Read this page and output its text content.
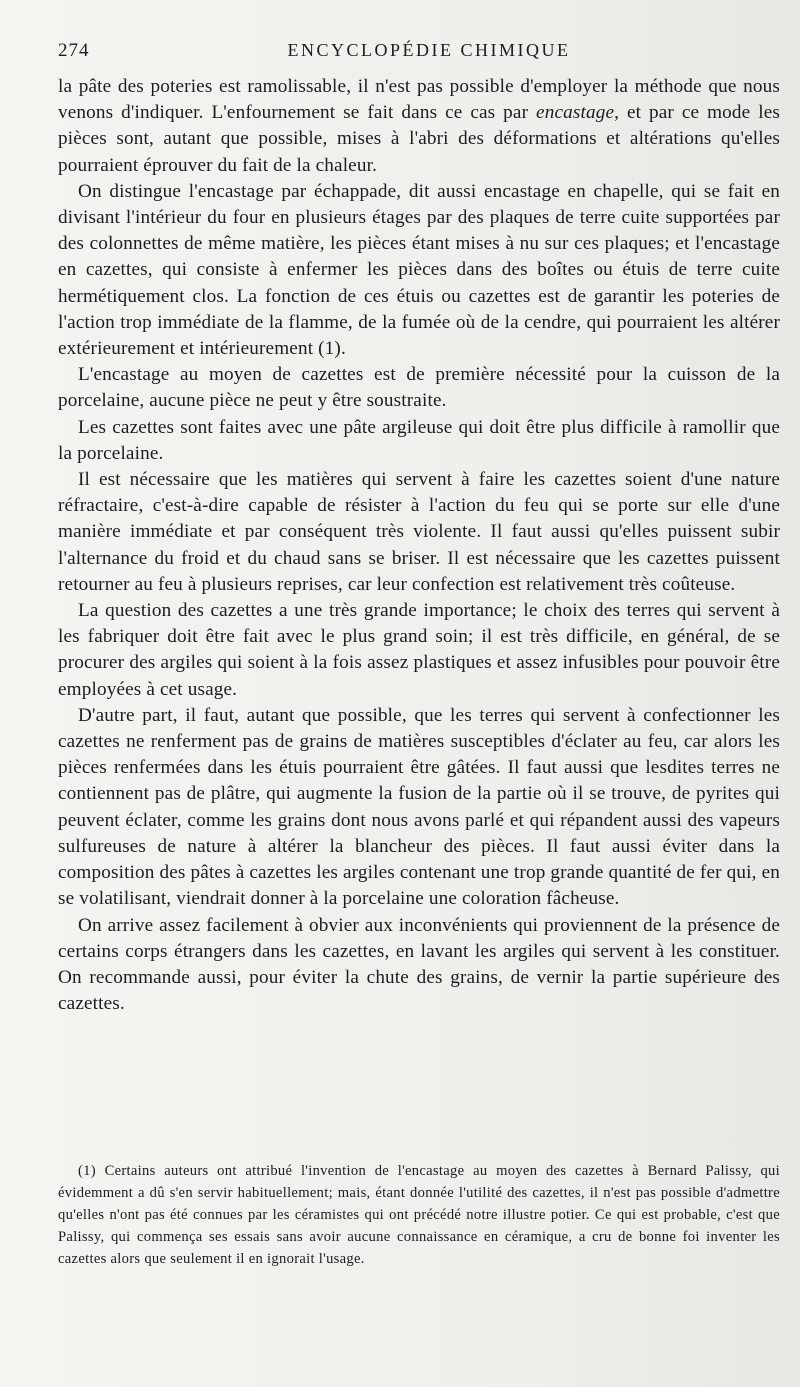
274	ENCYCLOPÉDIE CHIMIQUE

la pâte des poteries est ramolissable, il n'est pas possible d'employer la méthode que nous venons d'indiquer. L'enfournement se fait dans ce cas par encastage, et par ce mode les pièces sont, autant que possible, mises à l'abri des déformations et altérations qu'elles pourraient éprouver du fait de la chaleur.

On distingue l'encastage par échappade, dit aussi encastage en chapelle, qui se fait en divisant l'intérieur du four en plusieurs étages par des plaques de terre cuite supportées par des colonnettes de même matière, les pièces étant mises à nu sur ces plaques; et l'encastage en cazettes, qui consiste à enfermer les pièces dans des boîtes ou étuis de terre cuite hermétiquement clos. La fonction de ces étuis ou cazettes est de garantir les poteries de l'action trop immédiate de la flamme, de la fumée où de la cendre, qui pourraient les altérer extérieurement et intérieurement (1).

L'encastage au moyen de cazettes est de première nécessité pour la cuisson de la porcelaine, aucune pièce ne peut y être soustraite.

Les cazettes sont faites avec une pâte argileuse qui doit être plus difficile à ramollir que la porcelaine.

Il est nécessaire que les matières qui servent à faire les cazettes soient d'une nature réfractaire, c'est-à-dire capable de résister à l'action du feu qui se porte sur elle d'une manière immédiate et par conséquent très violente. Il faut aussi qu'elles puissent subir l'alternance du froid et du chaud sans se briser. Il est nécessaire que les cazettes puissent retourner au feu à plusieurs reprises, car leur confection est relativement très coûteuse.

La question des cazettes a une très grande importance; le choix des terres qui servent à les fabriquer doit être fait avec le plus grand soin; il est très difficile, en général, de se procurer des argiles qui soient à la fois assez plastiques et assez infusibles pour pouvoir être employées à cet usage.

D'autre part, il faut, autant que possible, que les terres qui servent à confectionner les cazettes ne renferment pas de grains de matières susceptibles d'éclater au feu, car alors les pièces renfermées dans les étuis pourraient être gâtées. Il faut aussi que lesdites terres ne contiennent pas de plâtre, qui augmente la fusion de la partie où il se trouve, de pyrites qui peuvent éclater, comme les grains dont nous avons parlé et qui répandent aussi des vapeurs sulfureuses de nature à altérer la blancheur des pièces. Il faut aussi éviter dans la composition des pâtes à cazettes les argiles contenant une trop grande quantité de fer qui, en se volatilisant, viendrait donner à la porcelaine une coloration fâcheuse.

On arrive assez facilement à obvier aux inconvénients qui proviennent de la présence de certains corps étrangers dans les cazettes, en lavant les argiles qui servent à les constituer. On recommande aussi, pour éviter la chute des grains, de vernir la partie supérieure des cazettes.

(1) Certains auteurs ont attribué l'invention de l'encastage au moyen des cazettes à Bernard Palissy, qui évidemment a dû s'en servir habituellement; mais, étant donnée l'utilité des cazettes, il n'est pas possible d'admettre qu'elles n'ont pas été connues par les céramistes qui ont précédé notre illustre potier. Ce qui est probable, c'est que Palissy, qui commença ses essais sans avoir aucune connaissance en céramique, a cru de bonne foi inventer les cazettes alors que seulement il en ignorait l'usage.
